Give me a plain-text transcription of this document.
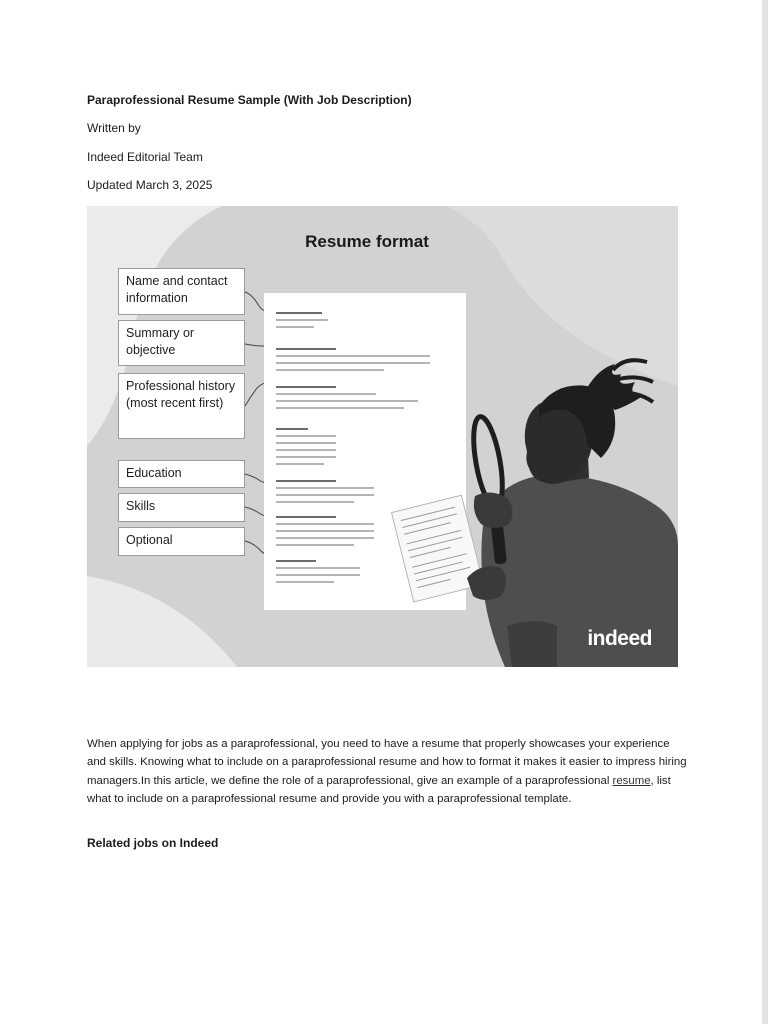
Paraprofessional Resume Sample (With Job Description)

Written by

Indeed Editorial Team

Updated March 3, 2025

Resume format
Name and contact information
Summary or objective
Professional history (most recent first)
Education
Skills
Optional
indeed

When applying for jobs as a paraprofessional, you need to have a resume that properly showcases your experience and skills. Knowing what to include on a paraprofessional resume and how to format it makes it easier to impress hiring managers.In this article, we define the role of a paraprofessional, give an example of a paraprofessional resume, list what to include on a paraprofessional resume and provide you with a paraprofessional template.

Related jobs on Indeed
